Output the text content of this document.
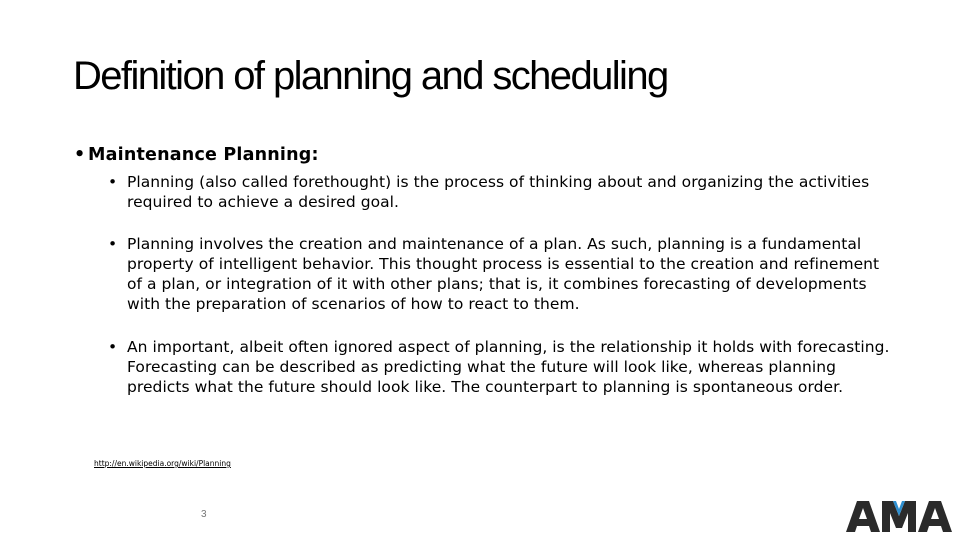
Definition of planning and scheduling
• Maintenance Planning:
• Planning (also called forethought) is the process of thinking about and organizing the activities required to achieve a desired goal.
• Planning involves the creation and maintenance of a plan. As such, planning is a fundamental property of intelligent behavior. This thought process is essential to the creation and refinement of a plan, or integration of it with other plans; that is, it combines forecasting of developments with the preparation of scenarios of how to react to them.
• An important, albeit often ignored aspect of planning, is the relationship it holds with forecasting. Forecasting can be described as predicting what the future will look like, whereas planning predicts what the future should look like. The counterpart to planning is spontaneous order.
http://en.wikipedia.org/wiki/Planning
3
